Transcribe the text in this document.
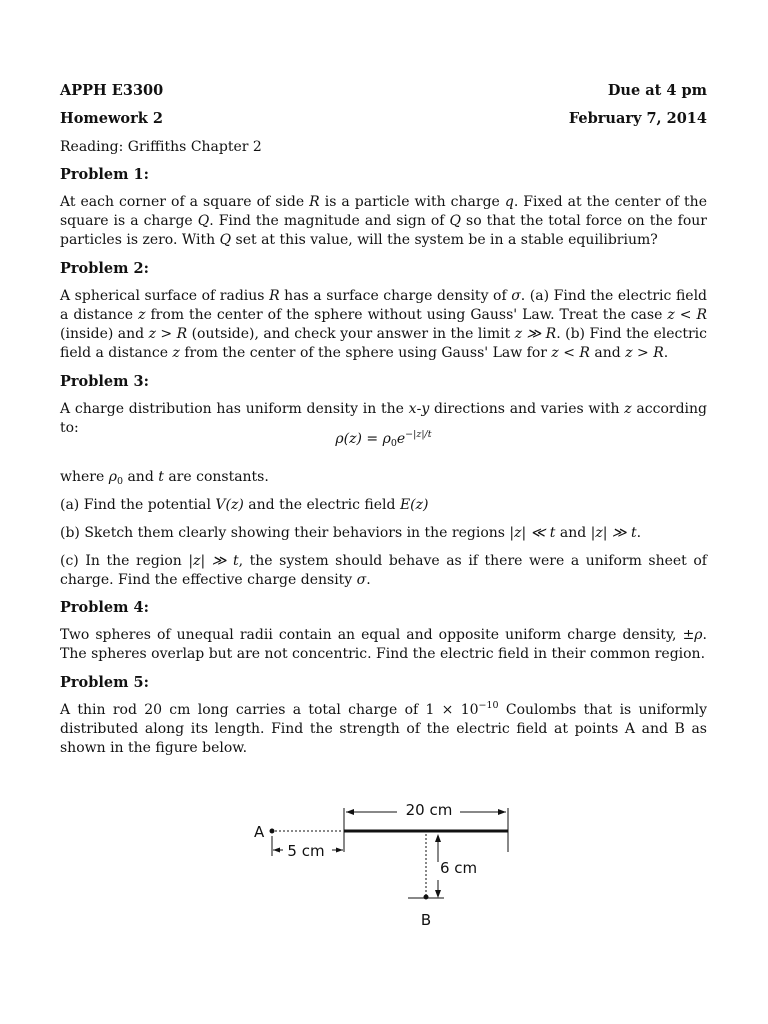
APPH E3300	Due at 4 pm
Homework 2	February 7, 2014
Reading: Griffiths Chapter 2
Problem 1:
At each corner of a square of side R is a particle with charge q. Fixed at the center of the square is a charge Q. Find the magnitude and sign of Q so that the total force on the four particles is zero. With Q set at this value, will the system be in a stable equilibrium?
Problem 2:
A spherical surface of radius R has a surface charge density of σ. (a) Find the electric field a distance z from the center of the sphere without using Gauss' Law. Treat the case z < R (inside) and z > R (outside), and check your answer in the limit z ≫ R. (b) Find the electric field a distance z from the center of the sphere using Gauss' Law for z < R and z > R.
Problem 3:
A charge distribution has uniform density in the x-y directions and varies with z according to:
$\rho(z) = \rho_0e^{-|z|/t}$
where $\rho_0$ and t are constants.
(a) Find the potential V(z) and the electric field E(z)
(b) Sketch them clearly showing their behaviors in the regions |z| ≪ t and |z| ≫ t.
(c) In the region |z| ≫ t, the system should behave as if there were a uniform sheet of charge. Find the effective charge density σ.
Problem 4:
Two spheres of unequal radii contain an equal and opposite uniform charge density, ±ρ. The spheres overlap but are not concentric. Find the electric field in their common region.
Problem 5:
A thin rod 20 cm long carries a total charge of $1 \times 10^{-10}$ Coulombs that is uniformly distributed along its length. Find the strength of the electric field at points A and B as shown in the figure below.
20 cm
A
5 cm
B
6 cm
